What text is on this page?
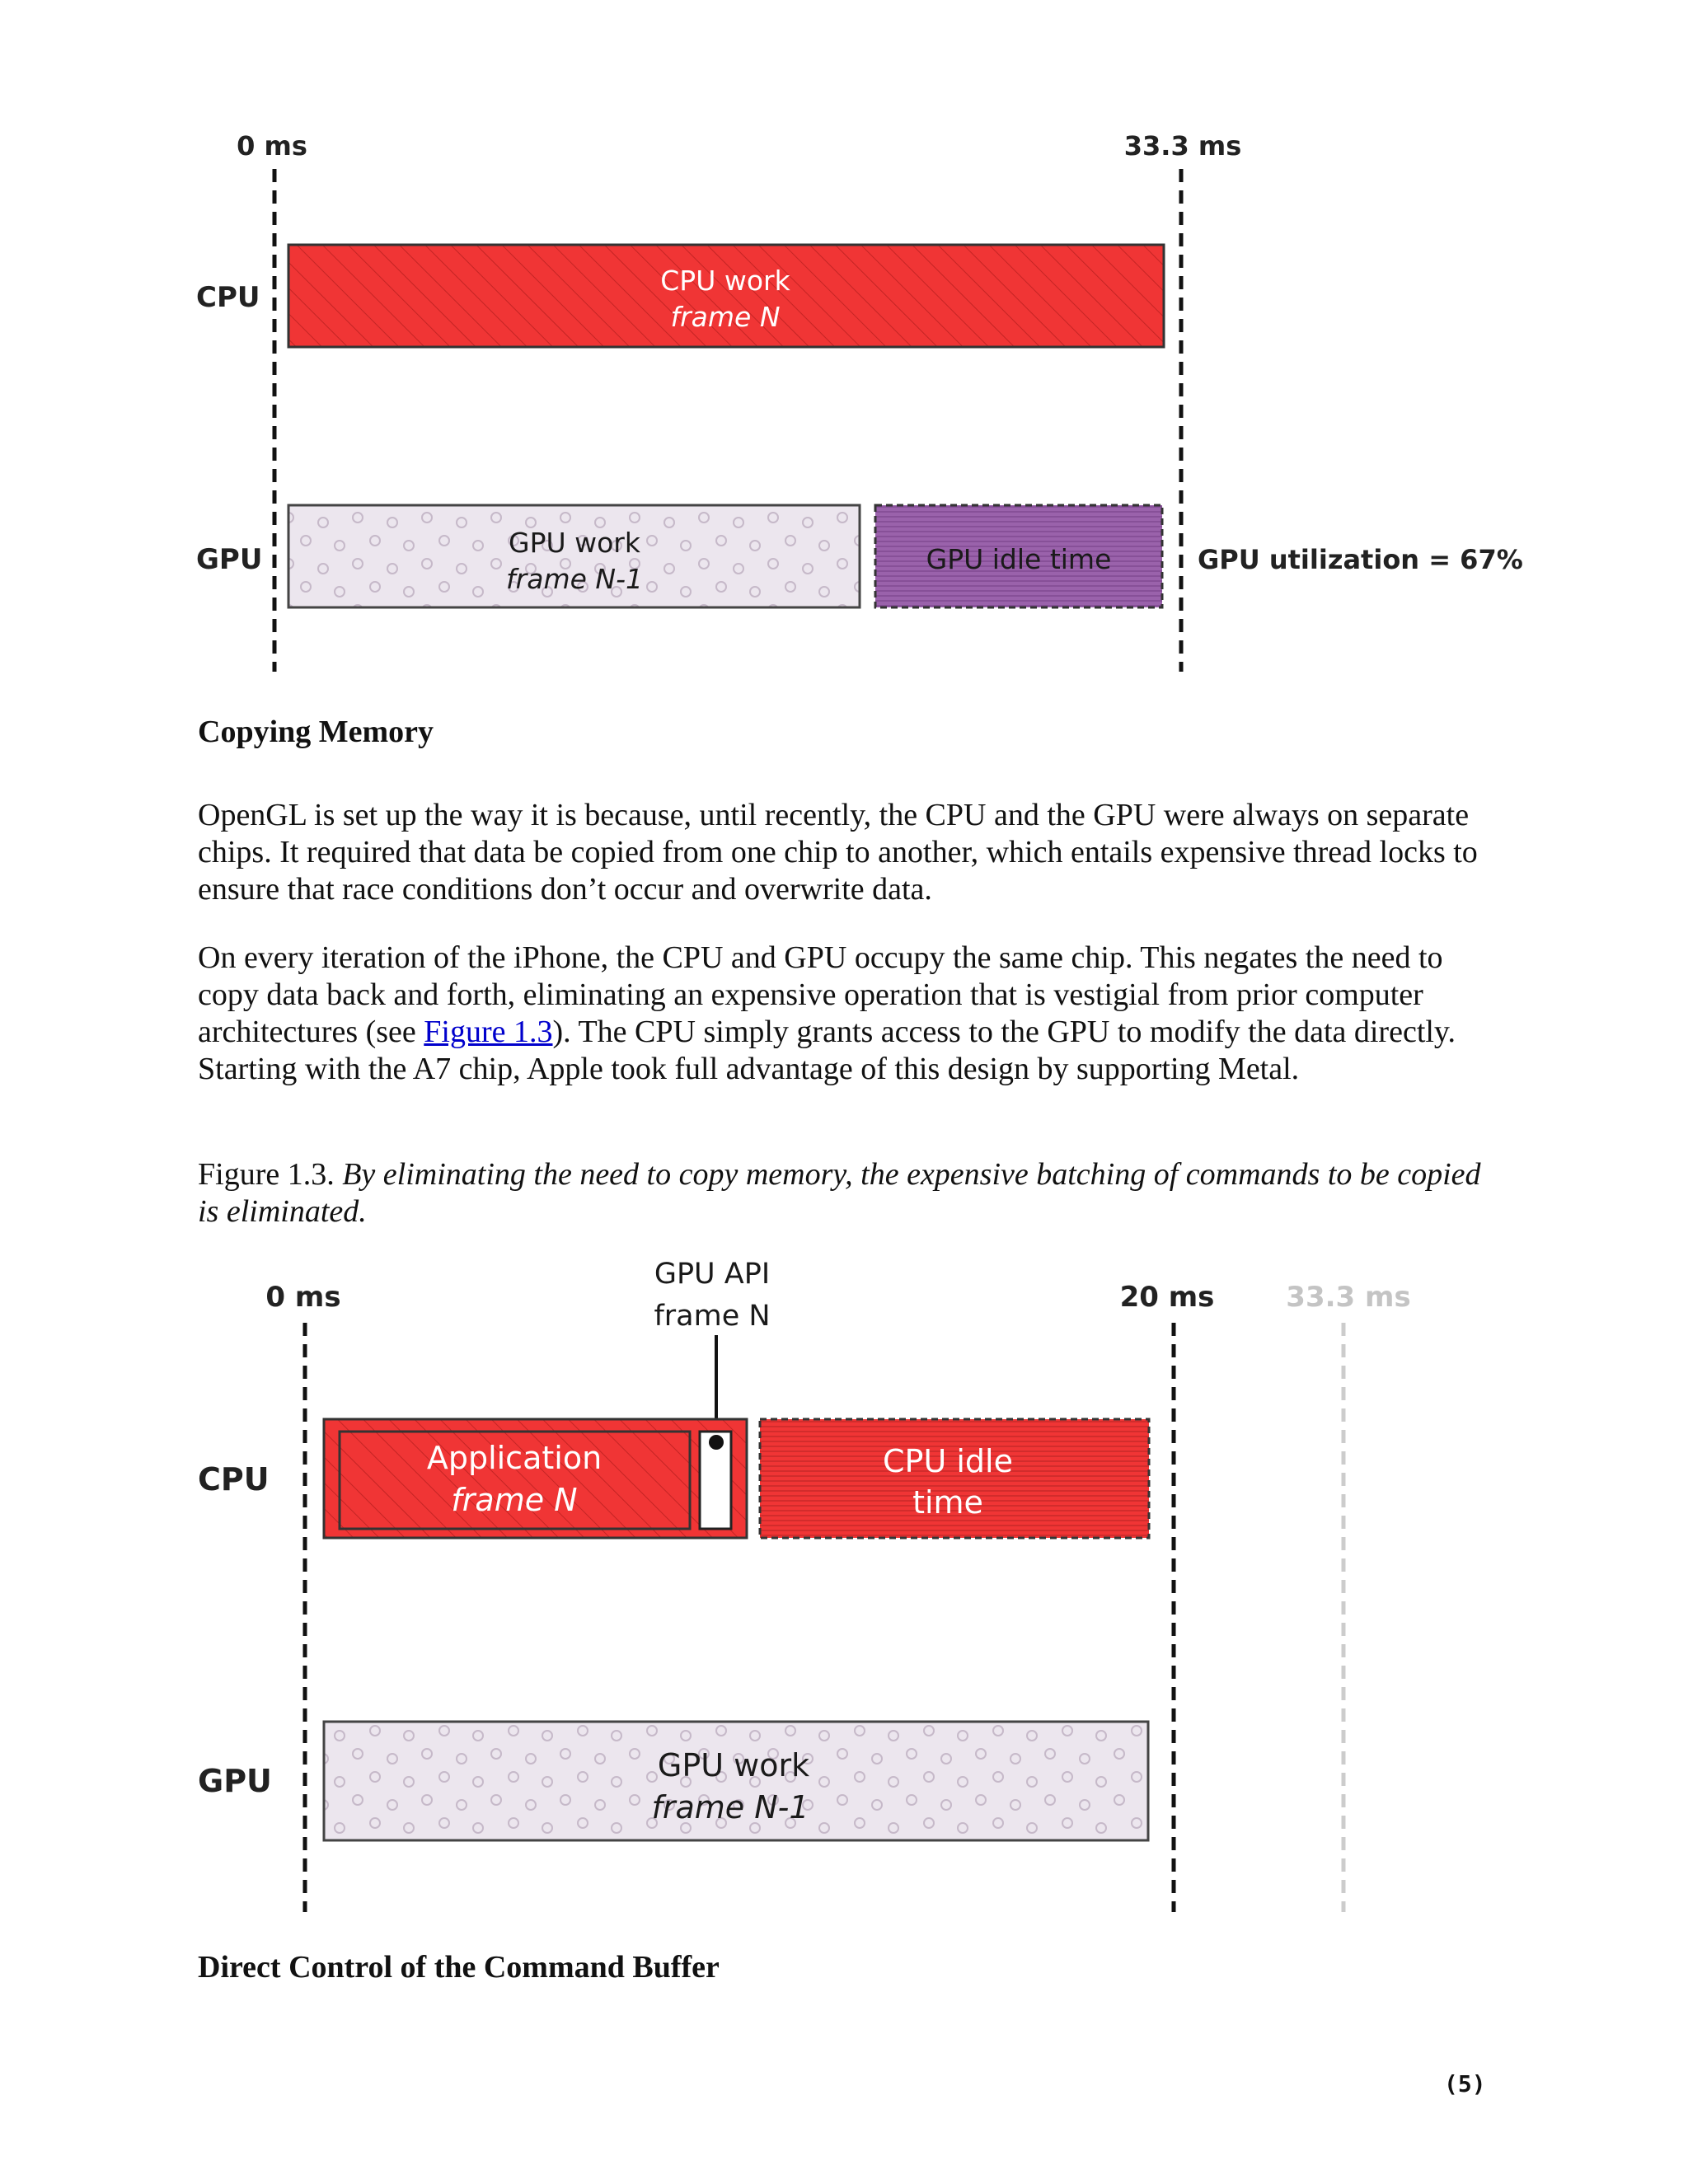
0 ms	33.3 ms
CPU
GPU
CPU work
frame N
GPU work
frame N-1
GPU idle time	GPU utilization = 67%
Copying Memory

OpenGL is set up the way it is because, until recently, the CPU and the GPU were always on separate chips. It required that data be copied from one chip to another, which entails expensive thread locks to ensure that race conditions don’t occur and overwrite data.

On every iteration of the iPhone, the CPU and GPU occupy the same chip. This negates the need to copy data back and forth, eliminating an expensive operation that is vestigial from prior computer architectures (see Figure 1.3). The CPU simply grants access to the GPU to modify the data directly. Starting with the A7 chip, Apple took full advantage of this design by supporting Metal.

Figure 1.3. By eliminating the need to copy memory, the expensive batching of commands to be copied is eliminated.

0 ms	20 ms	33.3 ms
GPU API
frame N
CPU
GPU
Application
frame N
CPU idle
time
GPU work
frame N-1
Direct Control of the Command Buffer
(5)
